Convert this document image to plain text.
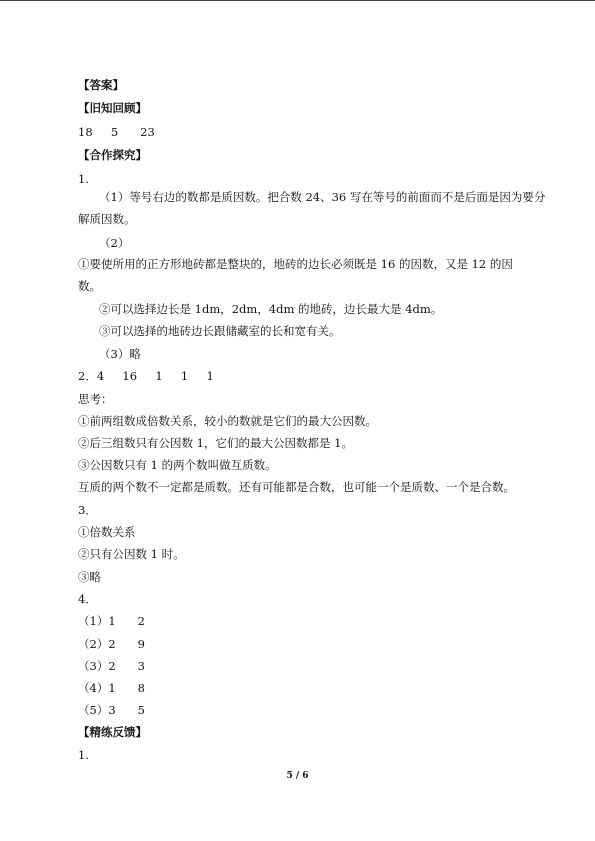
【答案】
【旧知回顾】
18     5      23
【合作探究】
1.
（1）等号右边的数都是质因数。把合数 24、36 写在等号的前面而不是后面是因为要分
解质因数。
（2）
①要使所用的正方形地砖都是整块的，地砖的边长必须既是 16 的因数，又是 12 的因
数。
②可以选择边长是 1dm，2dm，4dm 的地砖，边长最大是 4dm。
③可以选择的地砖边长跟储藏室的长和宽有关。
（3）略
2．4     16     1     1     1
思考：
①前两组数成倍数关系，较小的数就是它们的最大公因数。
②后三组数只有公因数 1，它们的最大公因数都是 1。
③公因数只有 1 的两个数叫做互质数。
互质的两个数不一定都是质数。还有可能都是合数，也可能一个是质数、一个是合数。
3．
①倍数关系
②只有公因数 1 时。
③略
4．
（1）1      2
（2）2      9
（3）2      3
（4）1      8
（5）3      5
【精练反馈】
1.
5 / 6
